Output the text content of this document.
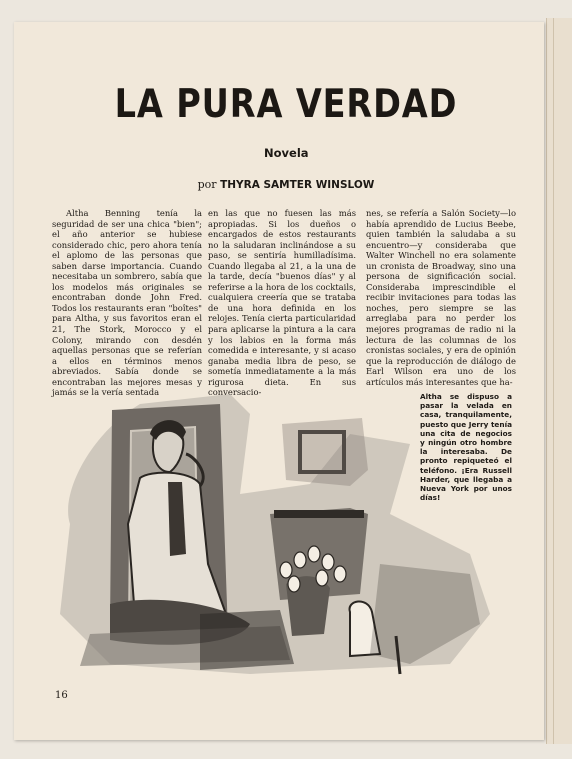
LA PURA VERDAD
Novela
por THYRA SAMTER WINSLOW

Altha Benning tenía la seguridad de ser una chica "bien"; el año anterior se hubiese considerado chic, pero ahora tenía el aplomo de las personas que saben darse importancia. Cuando necesitaba un sombrero, sabía que los modelos más originales se encontraban donde John Fred. Todos los restaurants eran "boîtes" para Altha, y sus favoritos eran el 21, The Stork, Morocco y el Colony, mirando con desdén aquellas personas que se referían a ellos en términos menos abreviados. Sabía donde se encontraban las mejores mesas y jamás se la vería sentada

en las que no fuesen las más apropiadas. Si los dueños o encargados de estos restaurants no la saludaran inclinándose a su paso, se sentiría humilladísima. Cuando llegaba al 21, a la una de la tarde, decía "buenos días" y al referirse a la hora de los cocktails, cualquiera creería que se trataba de una hora definida en los relojes. Tenía cierta particularidad para aplicarse la pintura a la cara y los labios en la forma más comedida e interesante, y si acaso ganaba media libra de peso, se sometía inmediatamente a la más rigurosa dieta. En sus conversacio-

nes, se refería a Salón Society—lo había aprendido de Lucius Beebe, quien también la saludaba a su encuentro—y consideraba que Walter Winchell no era solamente un cronista de Broadway, sino una persona de significación social. Consideraba imprescindible el recibir invitaciones para todas las noches, pero siempre se las arreglaba para no perder los mejores programas de radio ni la lectura de las columnas de los cronistas sociales, y era de opinión que la reproducción de diálogo de Earl Wilson era uno de los artículos más interesantes que ha-

Altha se dispuso a pasar la velada en casa, tranquilamente, puesto que Jerry tenía una cita de negocios y ningún otro hombre la interesaba. De pronto repiqueteó el teléfono. ¡Era Russell Harder, que llegaba a Nueva York por unos días!
16
